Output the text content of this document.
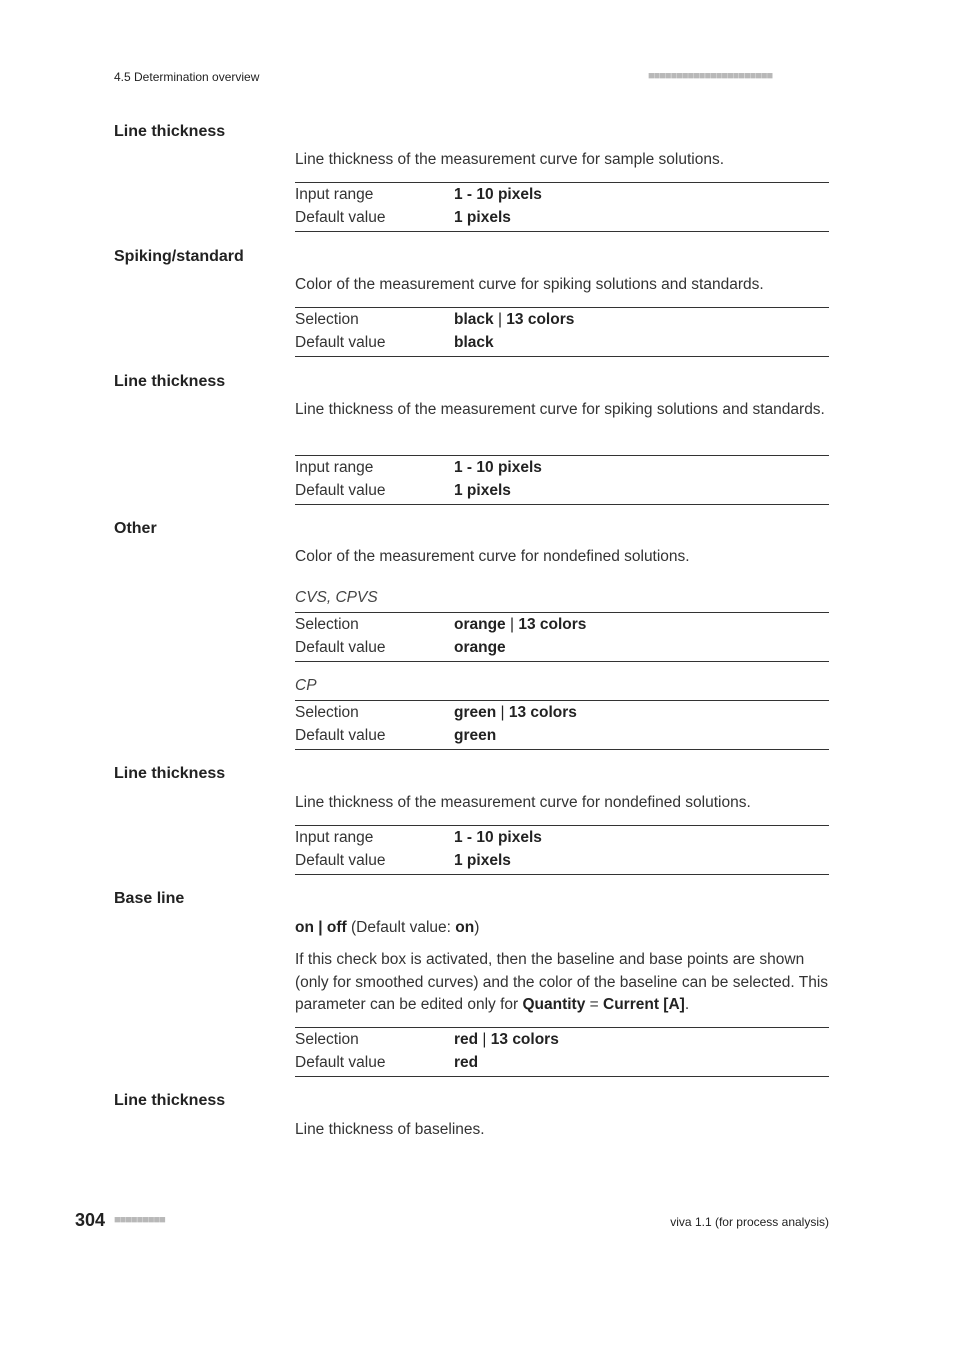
4.5 Determination overview	■■■■■■■■■■■■■■■■■■■■■■
Line thickness
Line thickness of the measurement curve for sample solutions.
Input range	1 - 10 pixels
Default value	1 pixels
Spiking/standard
Color of the measurement curve for spiking solutions and standards.
Selection	black | 13 colors
Default value	black
Line thickness
Line thickness of the measurement curve for spiking solutions and standards.
Input range	1 - 10 pixels
Default value	1 pixels
Other
Color of the measurement curve for nondefined solutions.
CVS, CPVS
Selection	orange | 13 colors
Default value	orange
CP
Selection	green | 13 colors
Default value	green
Line thickness
Line thickness of the measurement curve for nondefined solutions.
Input range	1 - 10 pixels
Default value	1 pixels
Base line
on | off (Default value: on)
If this check box is activated, then the baseline and base points are shown (only for smoothed curves) and the color of the baseline can be selected. This parameter can be edited only for Quantity = Current [A].
Selection	red | 13 colors
Default value	red
Line thickness
Line thickness of baselines.
304 ■■■■■■■■■	viva 1.1 (for process analysis)
